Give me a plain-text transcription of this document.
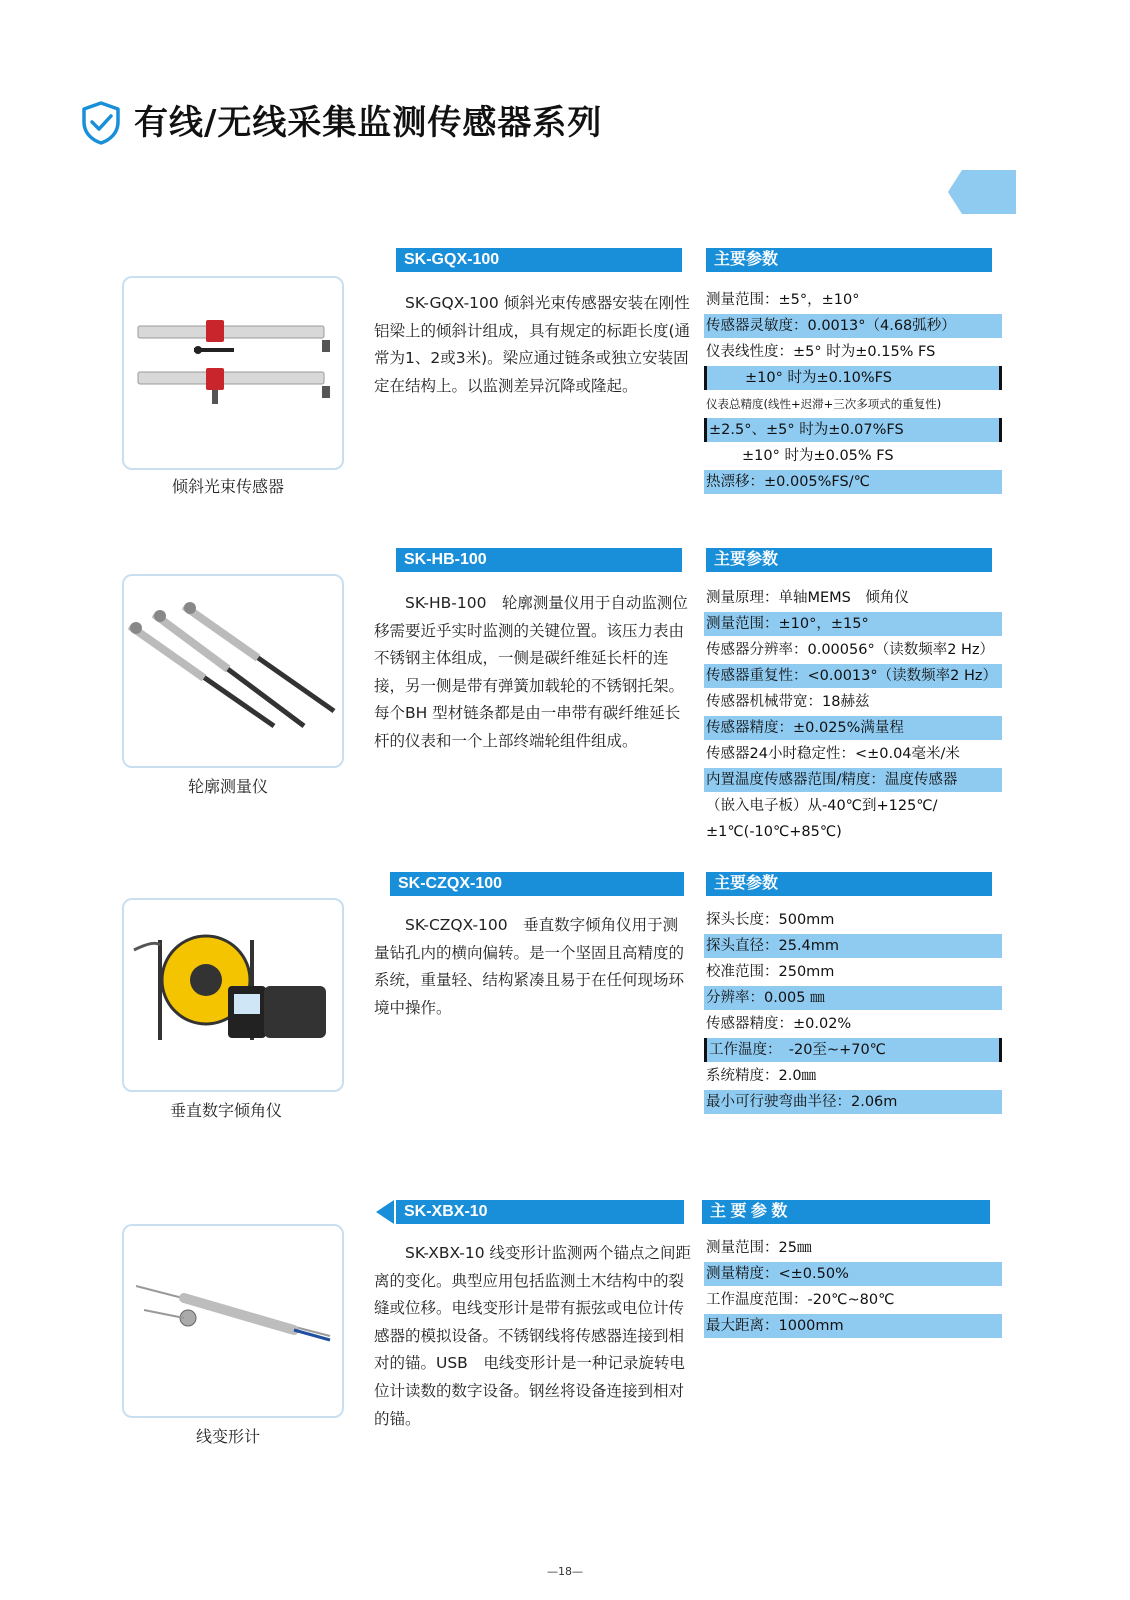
有线/无线采集监测传感器系列
倾斜光束传感器
SK-GQX-100
SK-GQX-100 倾斜光束传感器安装在刚性铝梁上的倾斜计组成，具有规定的标距长度(通常为1、2或3米)。梁应通过链条或独立安装固定在结构上。以监测差异沉降或隆起。
主要参数
测量范围：±5°，±10°
传感器灵敏度：0.0013°（4.68弧秒）
仪表线性度：±5° 时为±0.15% FS
±10° 时为±0.10%FS
仪表总精度(线性+迟滞+三次多项式的重复性)
±2.5°、±5° 时为±0.07%FS
±10° 时为±0.05% FS
热漂移：±0.005%FS/℃
轮廓测量仪
SK-HB-100
SK-HB-100　轮廓测量仪用于自动监测位移需要近乎实时监测的关键位置。该压力表由不锈钢主体组成，一侧是碳纤维延长杆的连接，另一侧是带有弹簧加载轮的不锈钢托架。每个BH 型材链条都是由一串带有碳纤维延长杆的仪表和一个上部终端轮组件组成。
主要参数
测量原理：单轴MEMS　倾角仪
测量范围：±10°，±15°
传感器分辨率：0.00056°（读数频率2 Hz）
传感器重复性：<0.0013°（读数频率2 Hz）
传感器机械带宽：18赫兹
传感器精度：±0.025%满量程
传感器24小时稳定性：<±0.04毫米/米
内置温度传感器范围/精度：温度传感器
（嵌入电子板）从-40℃到+125℃/
±1℃(-10℃+85℃)
垂直数字倾角仪
SK-CZQX-100
SK-CZQX-100　垂直数字倾角仪用于测量钻孔内的横向偏转。是一个坚固且高精度的系统，重量轻、结构紧凑且易于在任何现场环境中操作。
主要参数
探头长度：500mm
探头直径：25.4mm
校准范围：250mm
分辨率：0.005 ㎜
传感器精度：±0.02%
工作温度：　-20至~+70℃
系统精度：2.0㎜
最小可行驶弯曲半径：2.06m
线变形计
SK-XBX-10
SK-XBX-10 线变形计监测两个锚点之间距离的变化。典型应用包括监测土木结构中的裂缝或位移。电线变形计是带有振弦或电位计传感器的模拟设备。不锈钢线将传感器连接到相对的锚。USB　电线变形计是一种记录旋转电位计读数的数字设备。钢丝将设备连接到相对的锚。
主 要 参 数
测量范围：25㎜
测量精度：<±0.50%
工作温度范围：-20℃~80℃
最大距离：1000mm
—18—
